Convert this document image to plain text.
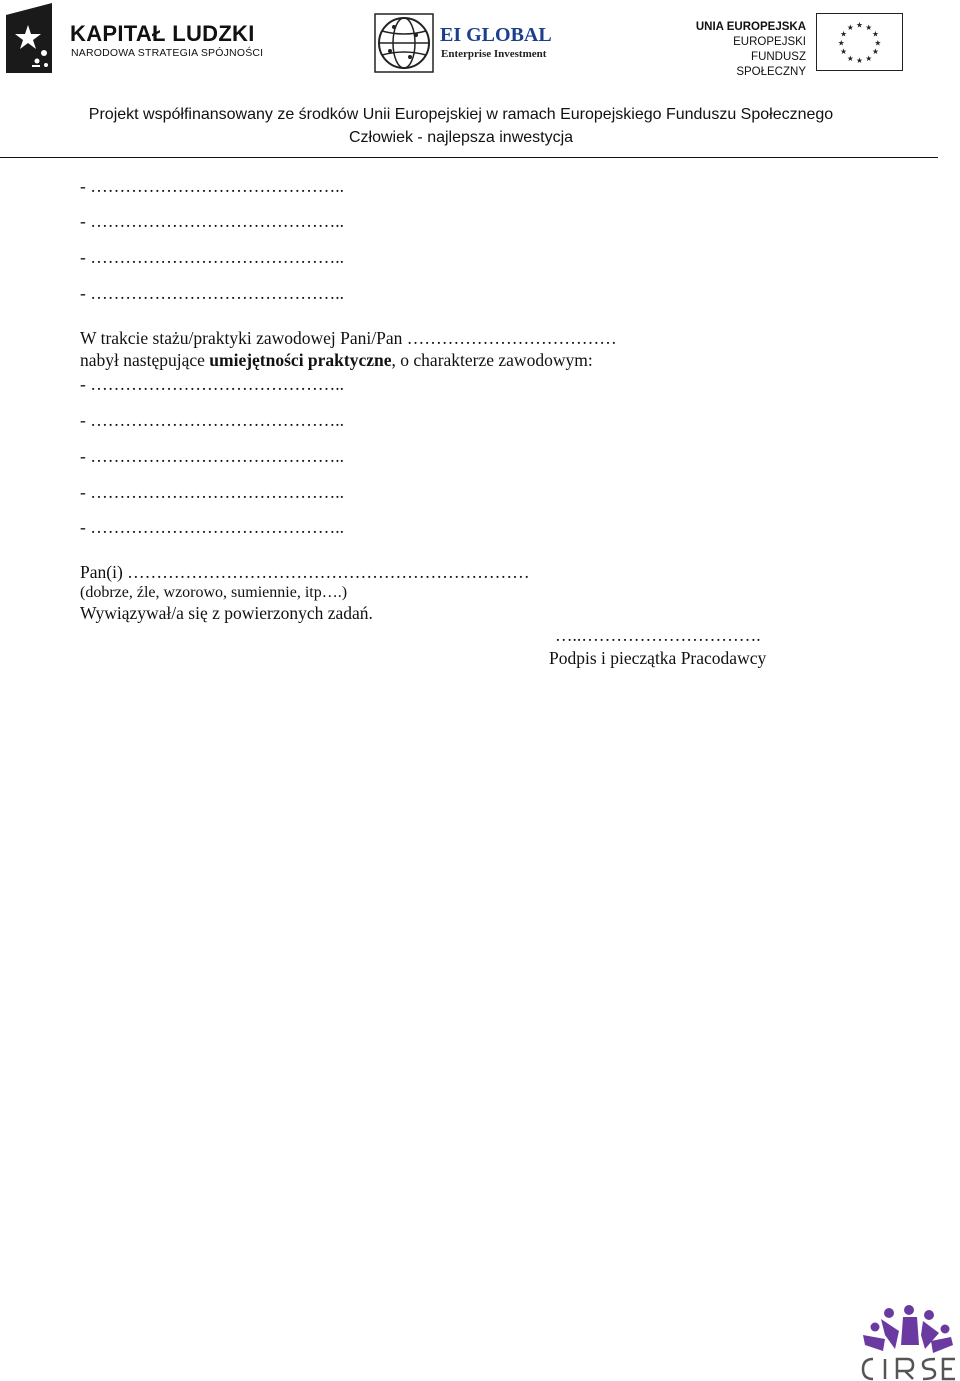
KAPITAŁ LUDZKI
NARODOWA STRATEGIA SPÓJNOŚCI
EI GLOBAL
Enterprise Investment
UNIA EUROPEJSKA
EUROPEJSKI
FUNDUSZ SPOŁECZNY
★ ★
★
★
★
★
★
★
★
★
★
★
Projekt współfinansowany ze środków Unii Europejskiej w ramach Europejskiego Funduszu Społecznego
Człowiek - najlepsza inwestycja
- ……………………………………..
- ……………………………………..
- ……………………………………..
- ……………………………………..
W trakcie stażu/praktyki zawodowej Pani/Pan ………………………………
nabył następujące umiejętności praktyczne, o charakterze zawodowym:
- ……………………………………..
- ……………………………………..
- ……………………………………..
- ……………………………………..
- ……………………………………..
Pan(i) ……………………………………………………………
(dobrze, źle, wzorowo, sumiennie, itp….)
Wywiązywał/a się z powierzonych zadań.
…..………………………….
Podpis i pieczątka Pracodawcy
